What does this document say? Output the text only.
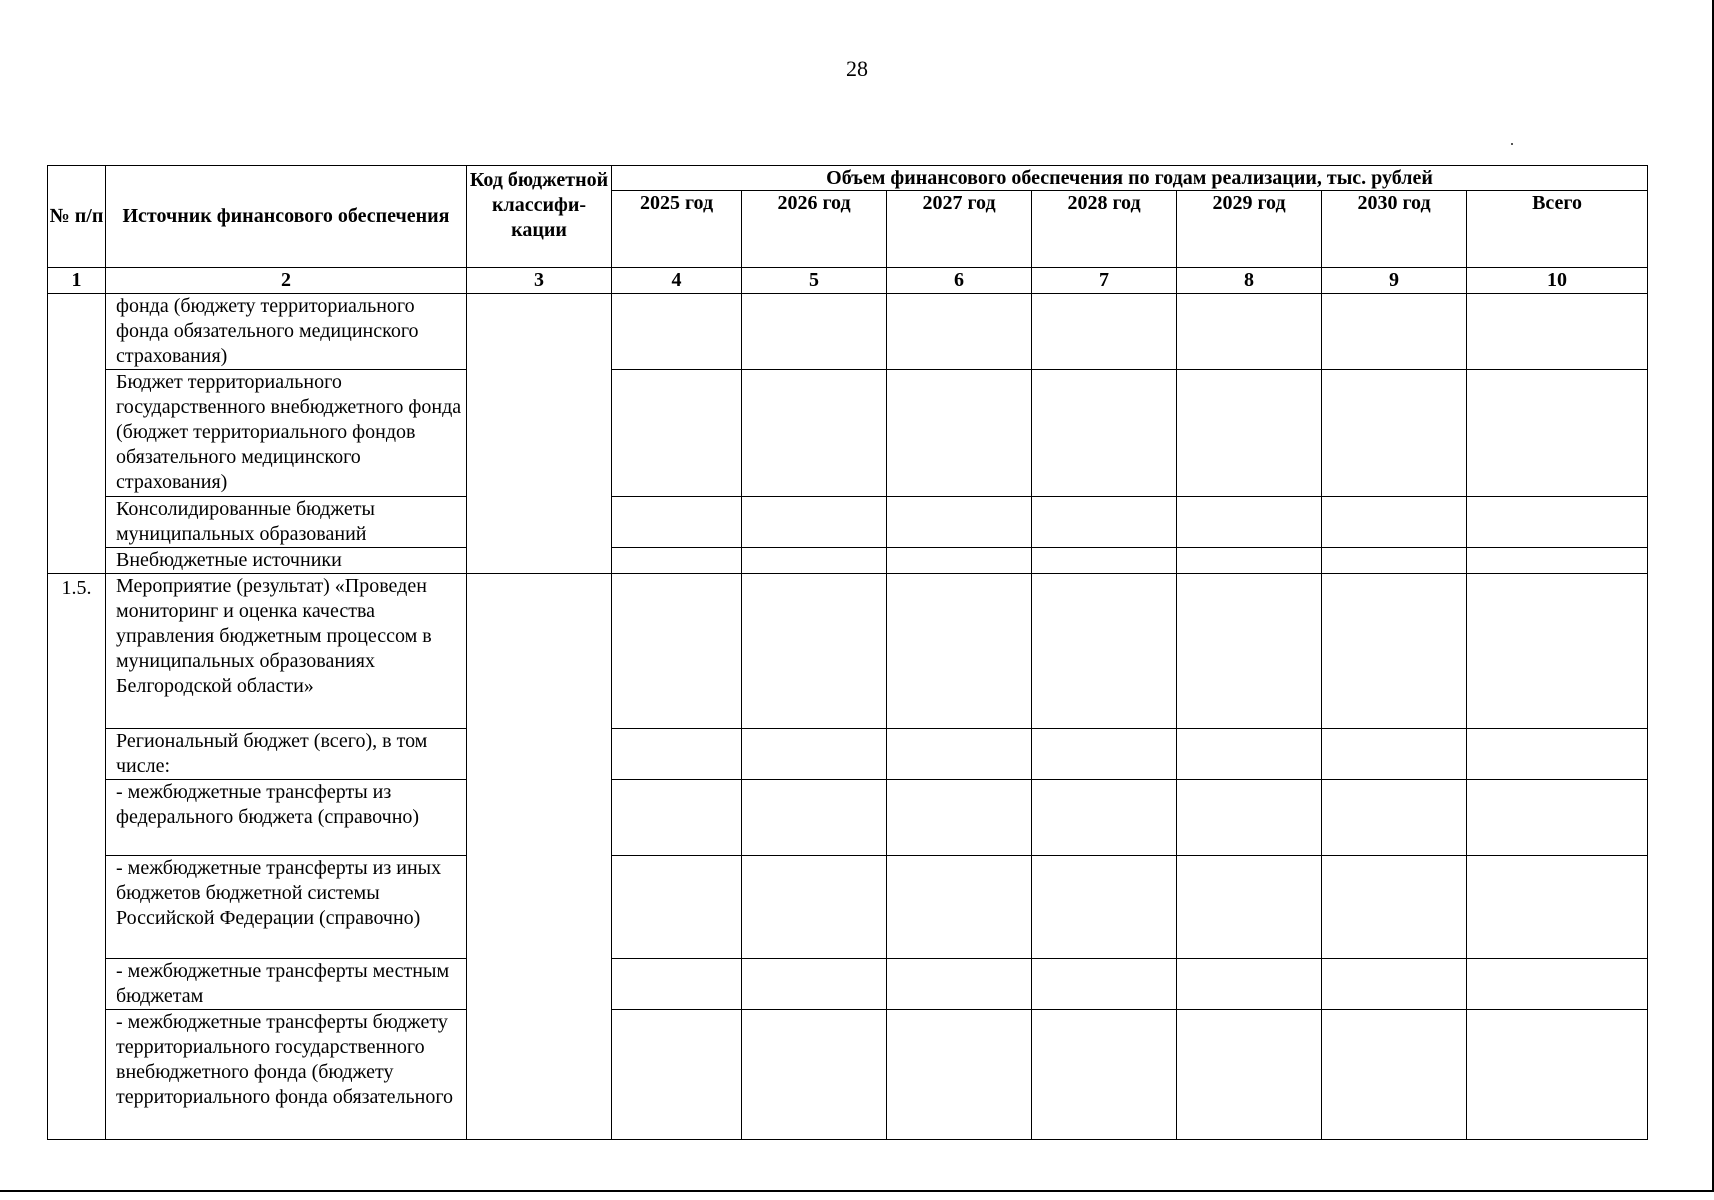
28
№ п/п	Источник финансового обеспечения	Код бюджетной классифи-кации	Объем финансового обеспечения по годам реализации, тыс. рублей						
			2025 год	2026 год	2027 год	2028 год	2029 год	2030 год	Всего
1	2	3	4	5	6	7	8	9	10
	фонда (бюджету территориального фонда обязательного медицинского страхования)								
	Бюджет территориального государственного внебюджетного фонда (бюджет территориального фондов обязательного медицинского страхования)								
	Консолидированные бюджеты муниципальных образований								
	Внебюджетные источники								
1.5.	Мероприятие (результат) «Проведен мониторинг и оценка качества управления бюджетным процессом в муниципальных образованиях Белгородской области»								
	Региональный бюджет (всего), в том числе:								
	- межбюджетные трансферты из федерального бюджета (справочно)								
	- межбюджетные трансферты из иных бюджетов бюджетной системы Российской Федерации (справочно)								
	- межбюджетные трансферты местным бюджетам								
	- межбюджетные трансферты бюджету территориального государственного внебюджетного фонда (бюджету территориального фонда обязательного								
